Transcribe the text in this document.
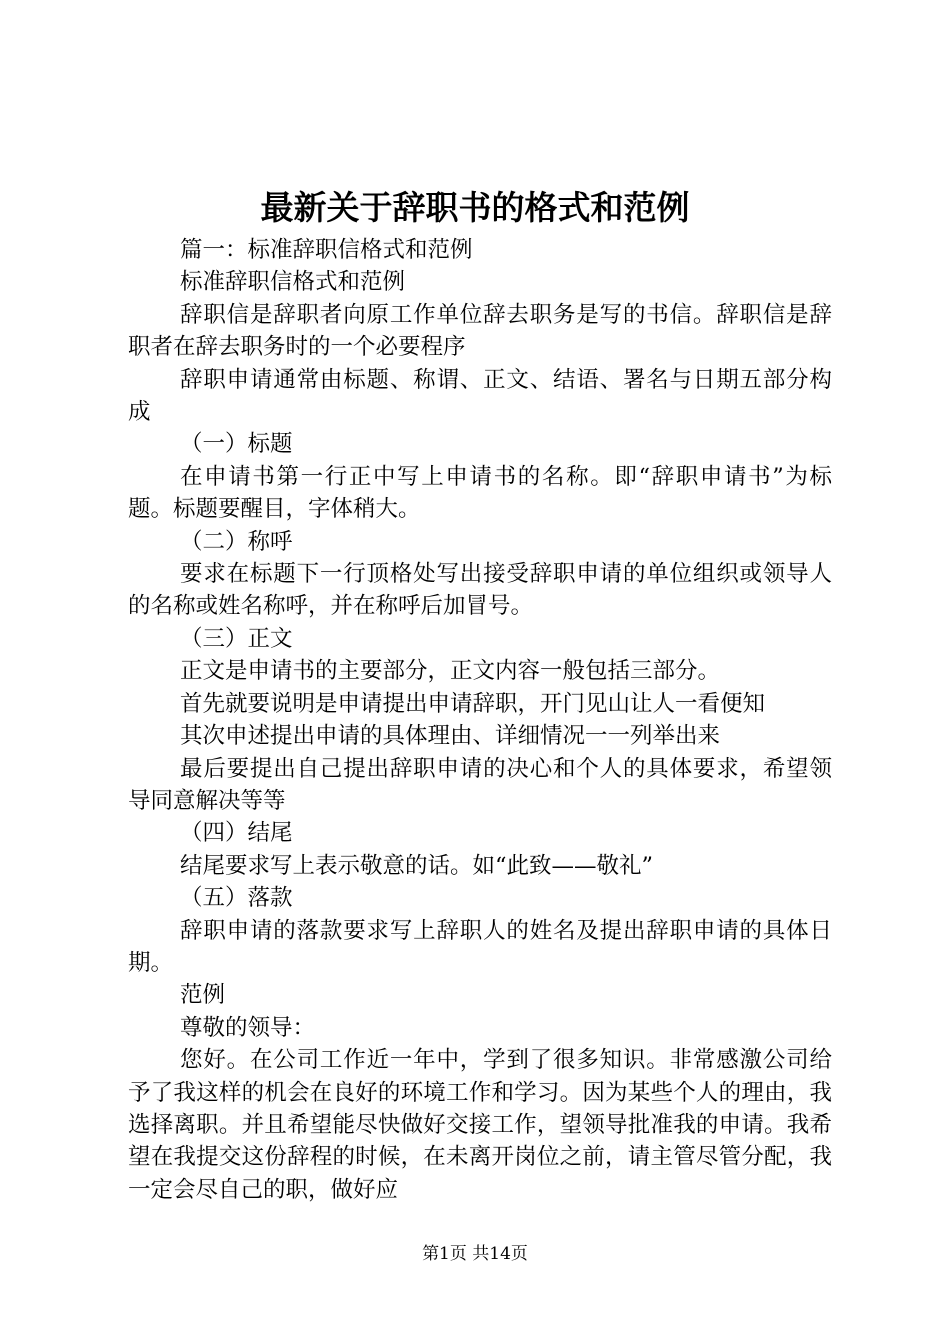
最新关于辞职书的格式和范例

篇一：标准辞职信格式和范例

标准辞职信格式和范例

辞职信是辞职者向原工作单位辞去职务是写的书信。辞职信是辞职者在辞去职务时的一个必要程序

辞职申请通常由标题、称谓、正文、结语、署名与日期五部分构成

（一）标题

在申请书第一行正中写上申请书的名称。即“辞职申请书”为标题。标题要醒目，字体稍大。

（二）称呼

要求在标题下一行顶格处写出接受辞职申请的单位组织或领导人的名称或姓名称呼，并在称呼后加冒号。

（三）正文

正文是申请书的主要部分，正文内容一般包括三部分。

首先就要说明是申请提出申请辞职，开门见山让人一看便知

其次申述提出申请的具体理由、详细情况一一列举出来

最后要提出自己提出辞职申请的决心和个人的具体要求，希望领导同意解决等等

（四）结尾

结尾要求写上表示敬意的话。如“此致——敬礼”

（五）落款

辞职申请的落款要求写上辞职人的姓名及提出辞职申请的具体日期。

范例

尊敬的领导：

您好。在公司工作近一年中，学到了很多知识。非常感激公司给予了我这样的机会在良好的环境工作和学习。因为某些个人的理由，我选择离职。并且希望能尽快做好交接工作，望领导批准我的申请。我希望在我提交这份辞程的时候，在未离开岗位之前，请主管尽管分配，我一定会尽自己的职，做好应

第1页 共14页
